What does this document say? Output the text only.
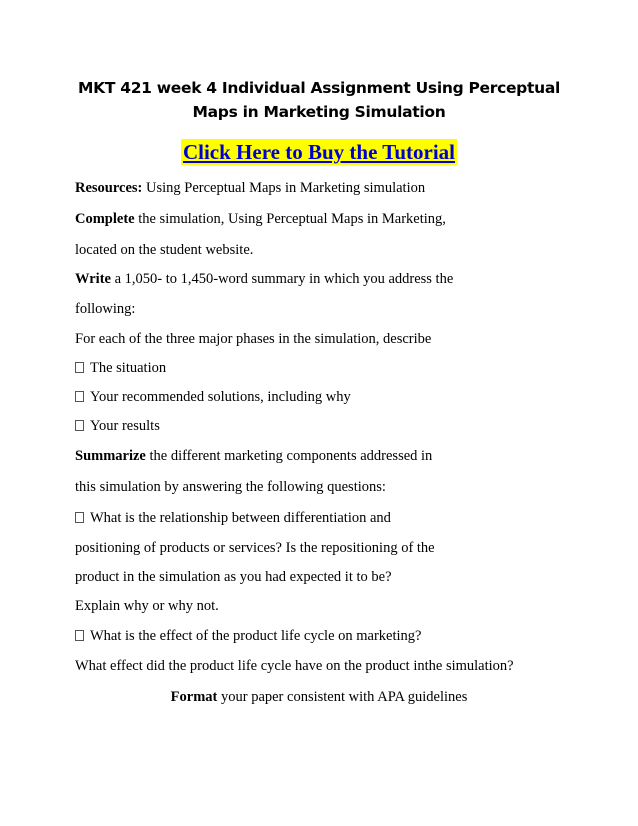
MKT 421 week 4 Individual Assignment Using Perceptual
Maps in Marketing Simulation
Click Here to Buy the Tutorial
Resources: Using Perceptual Maps in Marketing simulation
Complete the simulation, Using Perceptual Maps in Marketing,
located on the student website.
Write a 1,050- to 1,450-word summary in which you address the
following:
For each of the three major phases in the simulation, describe
The situation
Your recommended solutions, including why
Your results
Summarize the different marketing components addressed in
this simulation by answering the following questions:
What is the relationship between differentiation and
positioning of products or services? Is the repositioning of the
product in the simulation as you had expected it to be?
Explain why or why not.
What is the effect of the product life cycle on marketing?
What effect did the product life cycle have on the product inthe simulation?
Format your paper consistent with APA guidelines
